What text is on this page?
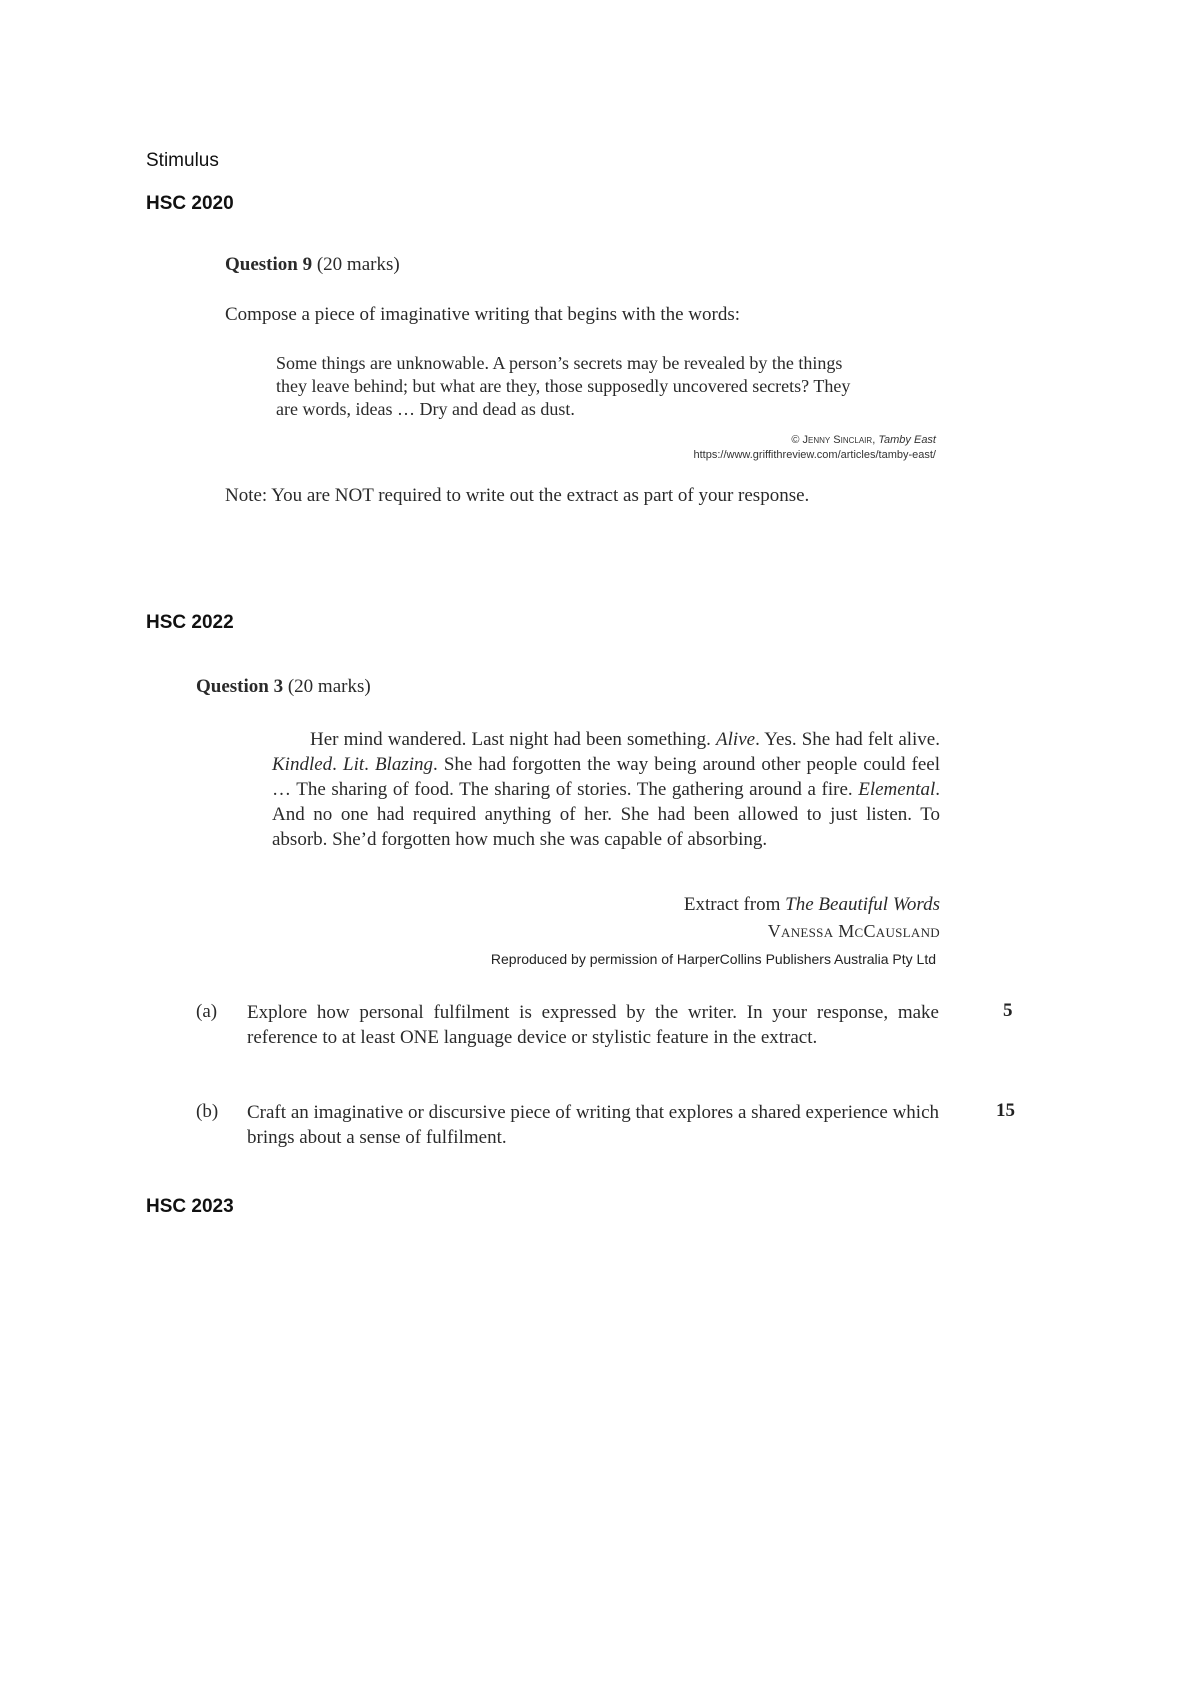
Stimulus
HSC 2020
Question 9 (20 marks)
Compose a piece of imaginative writing that begins with the words:
Some things are unknowable. A person’s secrets may be revealed by the things
they leave behind; but what are they, those supposedly uncovered secrets? They
are words, ideas … Dry and dead as dust.
© Jenny Sinclair, Tamby East
https://www.griffithreview.com/articles/tamby-east/
Note: You are NOT required to write out the extract as part of your response.
HSC 2022
Question 3 (20 marks)
Her mind wandered. Last night had been something. Alive. Yes. She had felt alive. Kindled. Lit. Blazing. She had forgotten the way being around other people could feel … The sharing of food. The sharing of stories. The gathering around a fire. Elemental. And no one had required anything of her. She had been allowed to just listen. To absorb. She’d forgotten how much she was capable of absorbing.
Extract from The Beautiful Words
Vanessa McCausland
Reproduced by permission of HarperCollins Publishers Australia Pty Ltd
(a)	Explore how personal fulfilment is expressed by the writer. In your response, make reference to at least ONE language device or stylistic feature in the extract.
5
(b)	Craft an imaginative or discursive piece of writing that explores a shared experience which brings about a sense of fulfilment.
15
HSC 2023
